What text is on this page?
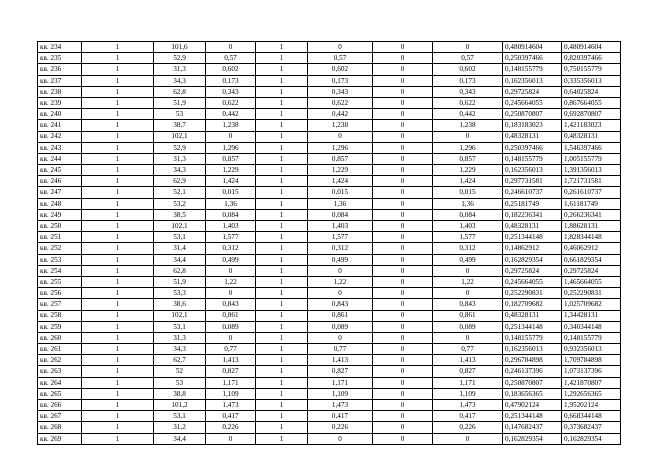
кв. 234	1	101,6	0	1	0	0	0	0,480914604	0,480914604
кв. 235	1	52,9	0,57	1	0,57	0	0,57	0,250397466	0,820397466
кв. 236	1	31,3	0,602	1	0,602	0	0,602	0,148155779	0,750155779
кв. 237	1	34,3	0,173	1	0,173	0	0,173	0,162356013	0,335356013
кв. 238	1	62,8	0,343	1	0,343	0	0,343	0,29725824	0,64025824
кв. 239	1	51,9	0,622	1	0,622	0	0,622	0,245664055	0,867664055
кв. 240	1	53	0,442	1	0,442	0	0,442	0,250870807	0,692870807
кв. 241	1	38,7	1,238	1	1,238	0	1,238	0,183183023	1,421183023
кв. 242	1	102,1	0	1	0	0	0	0,48328131	0,48328131
кв. 243	1	52,9	1,296	1	1,296	0	1,296	0,250397466	1,546397466
кв. 244	1	31,3	0,857	1	0,857	0	0,857	0,148155779	1,005155779
кв. 245	1	34,3	1,229	1	1,229	0	1,229	0,162356013	1,391356013
кв. 246	1	62,9	1,424	1	1,424	0	1,424	0,297731581	1,721731581
кв. 247	1	52,1	0,015	1	0,015	0	0,015	0,246610737	0,261610737
кв. 248	1	53,2	1,36	1	1,36	0	1,36	0,25181749	1,61181749
кв. 249	1	38,5	0,084	1	0,084	0	0,084	0,182236341	0,266236341
кв. 250	1	102,1	1,403	1	1,403	0	1,403	0,48328131	1,88628131
кв. 251	1	53,1	1,577	1	1,577	0	1,577	0,251344148	1,828344148
кв. 252	1	31,4	0,312	1	0,312	0	0,312	0,14862912	0,46062912
кв. 253	1	34,4	0,499	1	0,499	0	0,499	0,162829354	0,661829354
кв. 254	1	62,8	0	1	0	0	0	0,29725824	0,29725824
кв. 255	1	51,9	1,22	1	1,22	0	1,22	0,245664055	1,465664055
кв. 256	1	53,3	0	1	0	0	0	0,252290831	0,252290831
кв. 257	1	38,6	0,843	1	0,843	0	0,843	0,182709682	1,025709682
кв. 258	1	102,1	0,861	1	0,861	0	0,861	0,48328131	1,34428131
кв. 259	1	53,1	0,089	1	0,089	0	0,089	0,251344148	0,340344148
кв. 260	1	31,3	0	1	0	0	0	0,148155779	0,148155779
кв. 261	1	34,3	0,77	1	0,77	0	0,77	0,162356013	0,932356013
кв. 262	1	62,7	1,413	1	1,413	0	1,413	0,296784898	1,709784898
кв. 263	1	52	0,827	1	0,827	0	0,827	0,246137396	1,073137396
кв. 264	1	53	1,171	1	1,171	0	1,171	0,250870807	1,421870807
кв. 265	1	38,8	1,109	1	1,109	0	1,109	0,183656365	1,292656365
кв. 266	1	101,2	1,473	1	1,473	0	1,473	0,47902124	1,95202124
кв. 267	1	53,1	0,417	1	0,417	0	0,417	0,251344148	0,668344148
кв. 268	1	31,2	0,226	1	0,226	0	0,226	0,147682437	0,373682437
кв. 269	1	34,4	0	1	0	0	0	0,162829354	0,162829354
